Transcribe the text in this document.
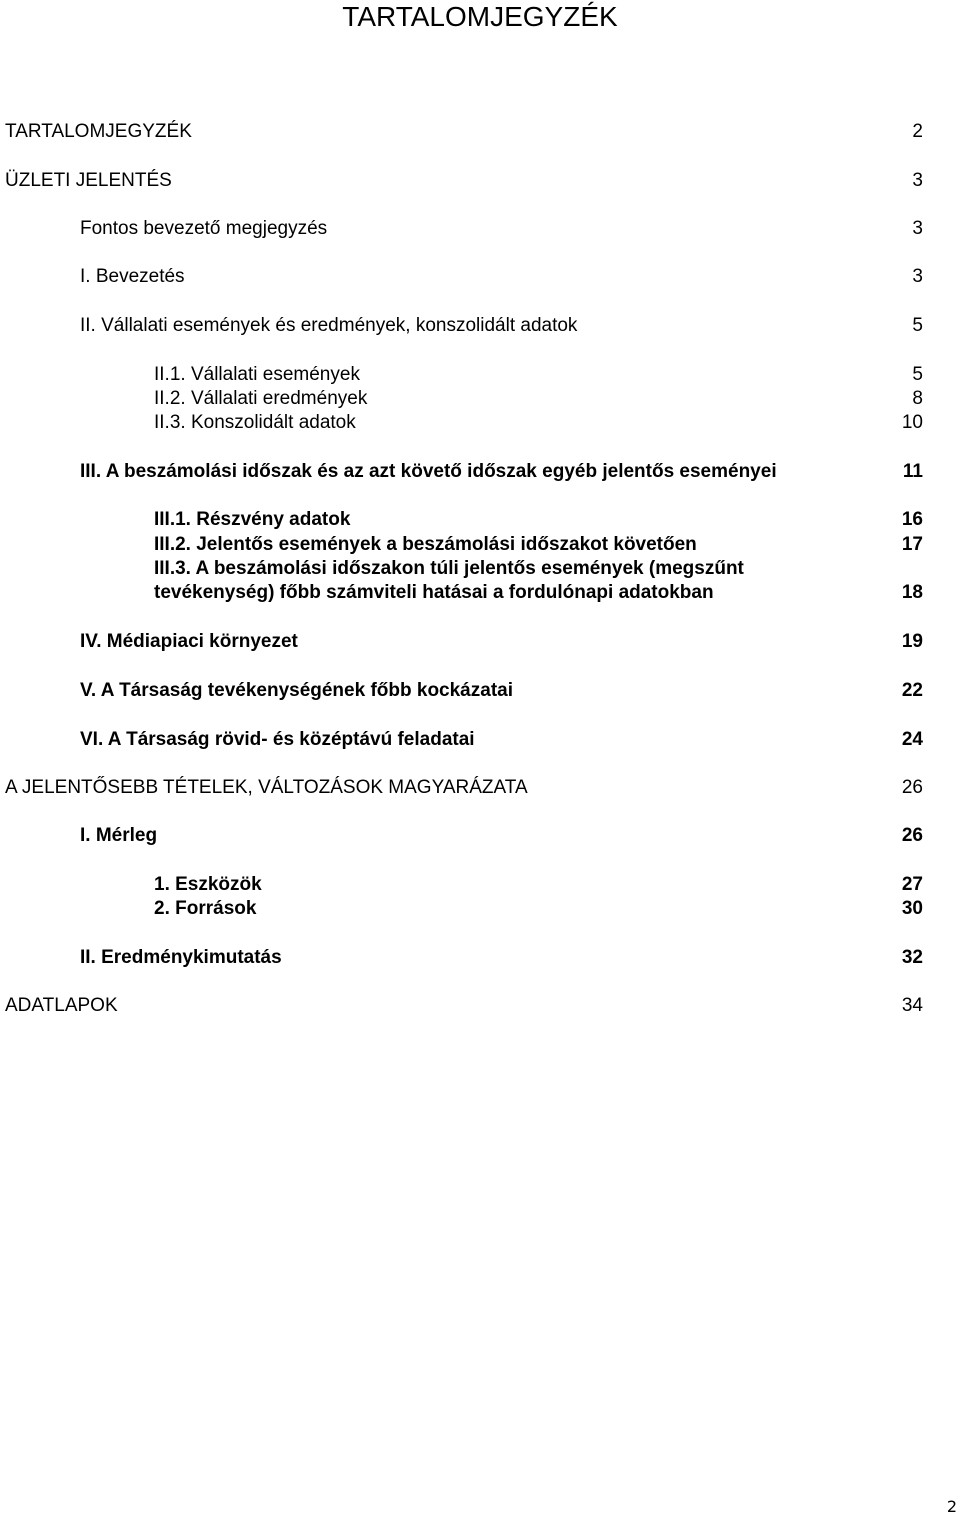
TARTALOMJEGYZÉK
TARTALOMJEGYZÉK	2
ÜZLETI JELENTÉS	3
Fontos bevezető megjegyzés	3
I. Bevezetés	3
II. Vállalati események és eredmények, konszolidált adatok	5
II.1. Vállalati események	5
II.2. Vállalati eredmények	8
II.3. Konszolidált adatok	10
III. A beszámolási időszak és az azt követő időszak egyéb jelentős eseményei	11
III.1. Részvény adatok	16
III.2. Jelentős események a beszámolási időszakot követően	17
III.3. A beszámolási időszakon túli jelentős események (megszűnt tevékenység) főbb számviteli hatásai a fordulónapi adatokban	18
IV. Médiapiaci környezet	19
V. A Társaság tevékenységének főbb kockázatai	22
VI. A Társaság rövid- és középtávú feladatai	24
A JELENTŐSEBB TÉTELEK, VÁLTOZÁSOK MAGYARÁZATA	26
I. Mérleg	26
1. Eszközök	27
2. Források	30
II. Eredménykimutatás	32
ADATLAPOK	34
2
